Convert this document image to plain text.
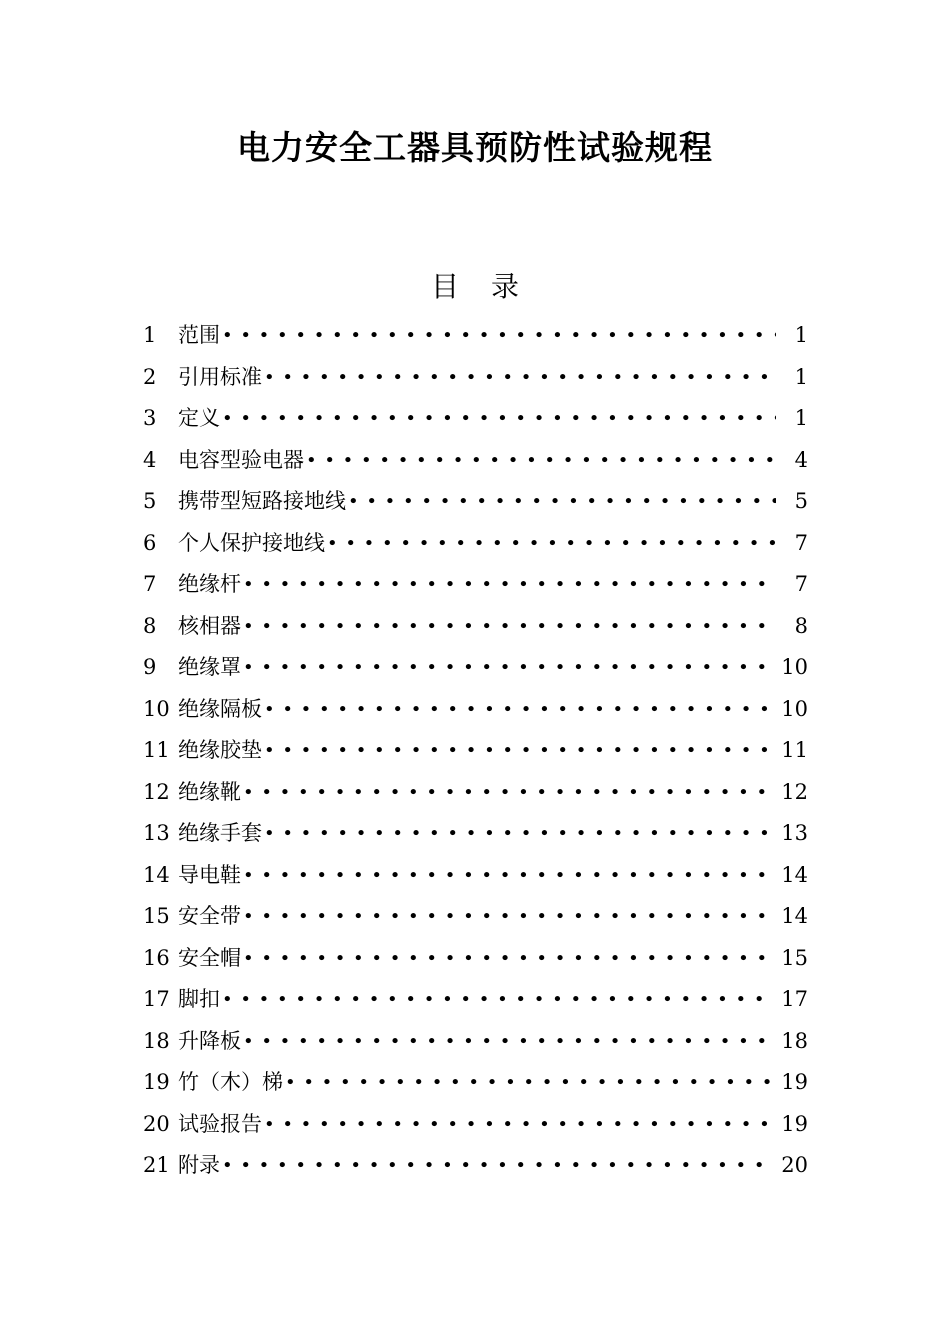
电力安全工器具预防性试验规程
目 录
1	范围 • • •	1
2	引用标准 • • •	1
3	定义 • • •	1
4	电容型验电器 • • •	4
5	携带型短路接地线 • • •	5
6	个人保护接地线 • • •	7
7	绝缘杆 • • •	7
8	核相器 • • •	8
9	绝缘罩 • • •	10
10 绝缘隔板 • • •	10
11 绝缘胶垫 • • •	11
12 绝缘靴 • • •	12
13 绝缘手套 • • •	13
14 导电鞋 • • •	14
15 安全带 • • •	14
16 安全帽 • • •	15
17 脚扣 • • •	17
18 升降板 • • •	18
19 竹（木）梯 • • •	19
20 试验报告 • • •	19
21 附录 • • •	20
